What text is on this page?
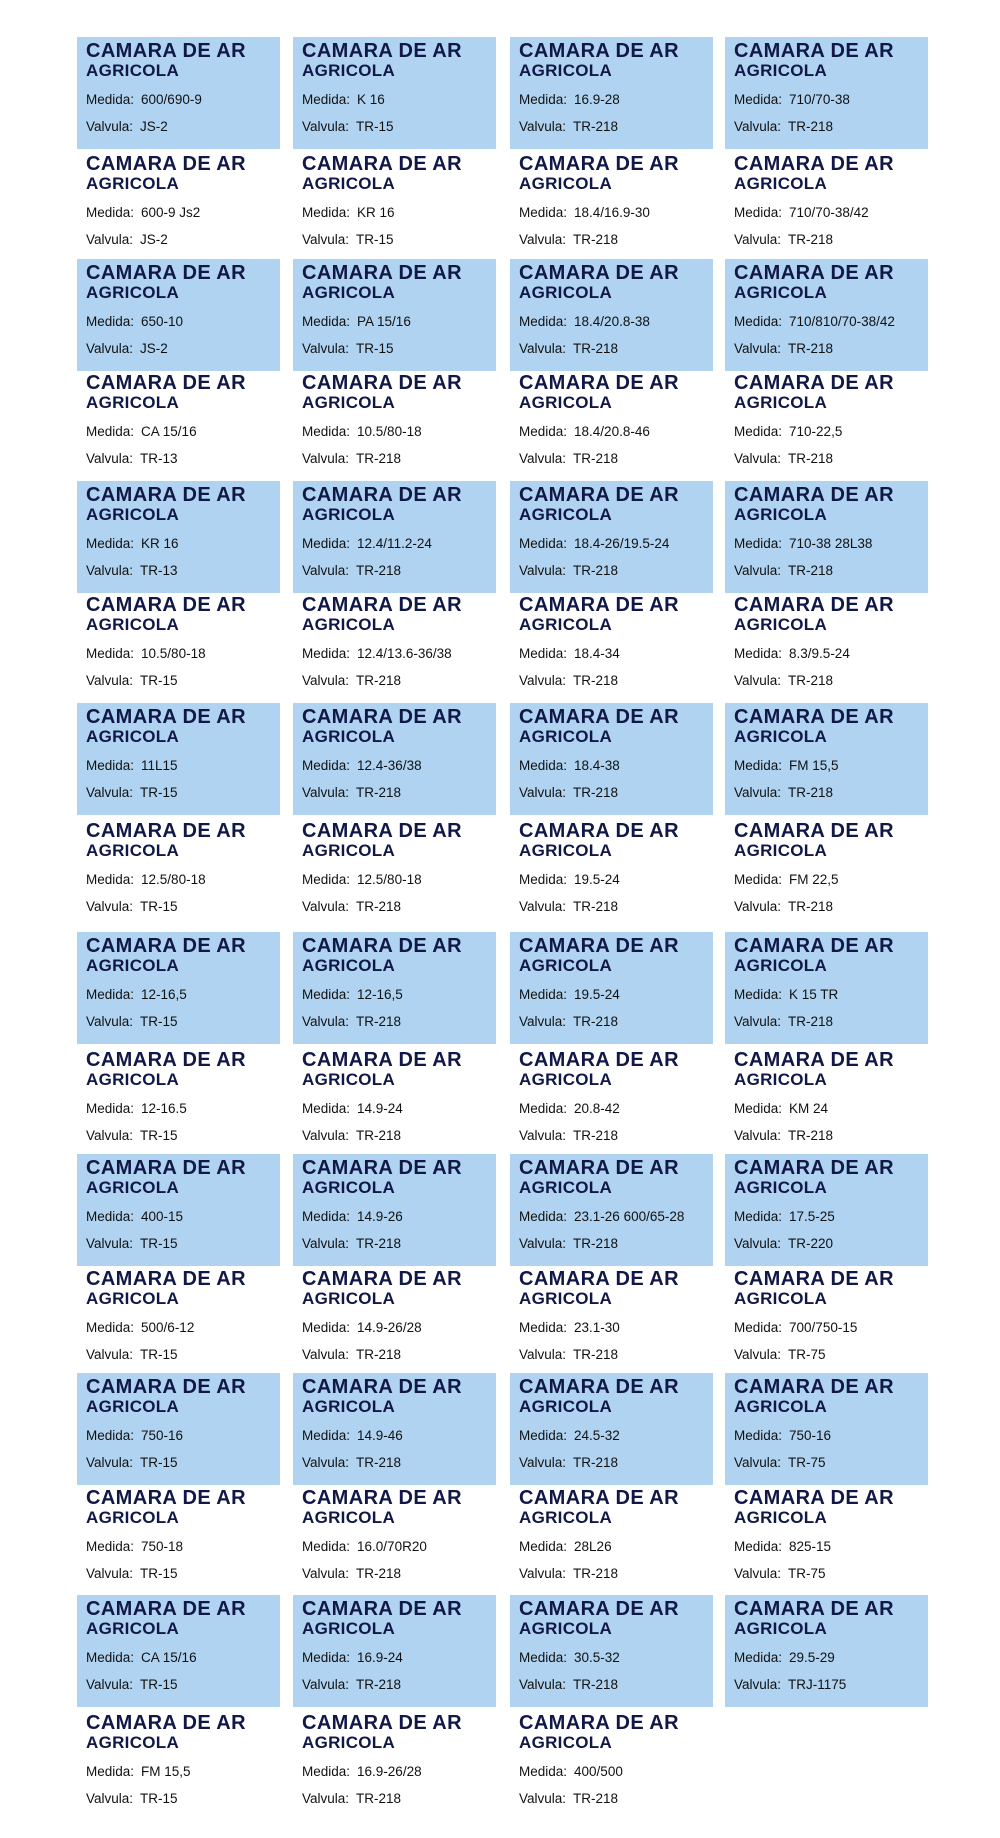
CAMARA DE AR
AGRICOLA
Medida: 600/690-9
Valvula: JS-2
CAMARA DE AR
AGRICOLA
Medida: 600-9 Js2
Valvula: JS-2
CAMARA DE AR
AGRICOLA
Medida: 650-10
Valvula: JS-2
CAMARA DE AR
AGRICOLA
Medida: CA 15/16
Valvula: TR-13
CAMARA DE AR
AGRICOLA
Medida: KR 16
Valvula: TR-13
CAMARA DE AR
AGRICOLA
Medida: 10.5/80-18
Valvula: TR-15
CAMARA DE AR
AGRICOLA
Medida: 11L15
Valvula: TR-15
CAMARA DE AR
AGRICOLA
Medida: 12.5/80-18
Valvula: TR-15
CAMARA DE AR
AGRICOLA
Medida: 12-16,5
Valvula: TR-15
CAMARA DE AR
AGRICOLA
Medida: 12-16.5
Valvula: TR-15
CAMARA DE AR
AGRICOLA
Medida: 400-15
Valvula: TR-15
CAMARA DE AR
AGRICOLA
Medida: 500/6-12
Valvula: TR-15
CAMARA DE AR
AGRICOLA
Medida: 750-16
Valvula: TR-15
CAMARA DE AR
AGRICOLA
Medida: 750-18
Valvula: TR-15
CAMARA DE AR
AGRICOLA
Medida: CA 15/16
Valvula: TR-15
CAMARA DE AR
AGRICOLA
Medida: FM 15,5
Valvula: TR-15
CAMARA DE AR
AGRICOLA
Medida: K 16
Valvula: TR-15
CAMARA DE AR
AGRICOLA
Medida: KR 16
Valvula: TR-15
CAMARA DE AR
AGRICOLA
Medida: PA 15/16
Valvula: TR-15
CAMARA DE AR
AGRICOLA
Medida: 10.5/80-18
Valvula: TR-218
CAMARA DE AR
AGRICOLA
Medida: 12.4/11.2-24
Valvula: TR-218
CAMARA DE AR
AGRICOLA
Medida: 12.4/13.6-36/38
Valvula: TR-218
CAMARA DE AR
AGRICOLA
Medida: 12.4-36/38
Valvula: TR-218
CAMARA DE AR
AGRICOLA
Medida: 12.5/80-18
Valvula: TR-218
CAMARA DE AR
AGRICOLA
Medida: 12-16,5
Valvula: TR-218
CAMARA DE AR
AGRICOLA
Medida: 14.9-24
Valvula: TR-218
CAMARA DE AR
AGRICOLA
Medida: 14.9-26
Valvula: TR-218
CAMARA DE AR
AGRICOLA
Medida: 14.9-26/28
Valvula: TR-218
CAMARA DE AR
AGRICOLA
Medida: 14.9-46
Valvula: TR-218
CAMARA DE AR
AGRICOLA
Medida: 16.0/70R20
Valvula: TR-218
CAMARA DE AR
AGRICOLA
Medida: 16.9-24
Valvula: TR-218
CAMARA DE AR
AGRICOLA
Medida: 16.9-26/28
Valvula: TR-218
CAMARA DE AR
AGRICOLA
Medida: 16.9-28
Valvula: TR-218
CAMARA DE AR
AGRICOLA
Medida: 18.4/16.9-30
Valvula: TR-218
CAMARA DE AR
AGRICOLA
Medida: 18.4/20.8-38
Valvula: TR-218
CAMARA DE AR
AGRICOLA
Medida: 18.4/20.8-46
Valvula: TR-218
CAMARA DE AR
AGRICOLA
Medida: 18.4-26/19.5-24
Valvula: TR-218
CAMARA DE AR
AGRICOLA
Medida: 18.4-34
Valvula: TR-218
CAMARA DE AR
AGRICOLA
Medida: 18.4-38
Valvula: TR-218
CAMARA DE AR
AGRICOLA
Medida: 19.5-24
Valvula: TR-218
CAMARA DE AR
AGRICOLA
Medida: 19.5-24
Valvula: TR-218
CAMARA DE AR
AGRICOLA
Medida: 20.8-42
Valvula: TR-218
CAMARA DE AR
AGRICOLA
Medida: 23.1-26 600/65-28
Valvula: TR-218
CAMARA DE AR
AGRICOLA
Medida: 23.1-30
Valvula: TR-218
CAMARA DE AR
AGRICOLA
Medida: 24.5-32
Valvula: TR-218
CAMARA DE AR
AGRICOLA
Medida: 28L26
Valvula: TR-218
CAMARA DE AR
AGRICOLA
Medida: 30.5-32
Valvula: TR-218
CAMARA DE AR
AGRICOLA
Medida: 400/500
Valvula: TR-218
CAMARA DE AR
AGRICOLA
Medida: 710/70-38
Valvula: TR-218
CAMARA DE AR
AGRICOLA
Medida: 710/70-38/42
Valvula: TR-218
CAMARA DE AR
AGRICOLA
Medida: 710/810/70-38/42
Valvula: TR-218
CAMARA DE AR
AGRICOLA
Medida: 710-22,5
Valvula: TR-218
CAMARA DE AR
AGRICOLA
Medida: 710-38 28L38
Valvula: TR-218
CAMARA DE AR
AGRICOLA
Medida: 8.3/9.5-24
Valvula: TR-218
CAMARA DE AR
AGRICOLA
Medida: FM 15,5
Valvula: TR-218
CAMARA DE AR
AGRICOLA
Medida: FM 22,5
Valvula: TR-218
CAMARA DE AR
AGRICOLA
Medida: K 15 TR
Valvula: TR-218
CAMARA DE AR
AGRICOLA
Medida: KM 24
Valvula: TR-218
CAMARA DE AR
AGRICOLA
Medida: 17.5-25
Valvula: TR-220
CAMARA DE AR
AGRICOLA
Medida: 700/750-15
Valvula: TR-75
CAMARA DE AR
AGRICOLA
Medida: 750-16
Valvula: TR-75
CAMARA DE AR
AGRICOLA
Medida: 825-15
Valvula: TR-75
CAMARA DE AR
AGRICOLA
Medida: 29.5-29
Valvula: TRJ-1175
